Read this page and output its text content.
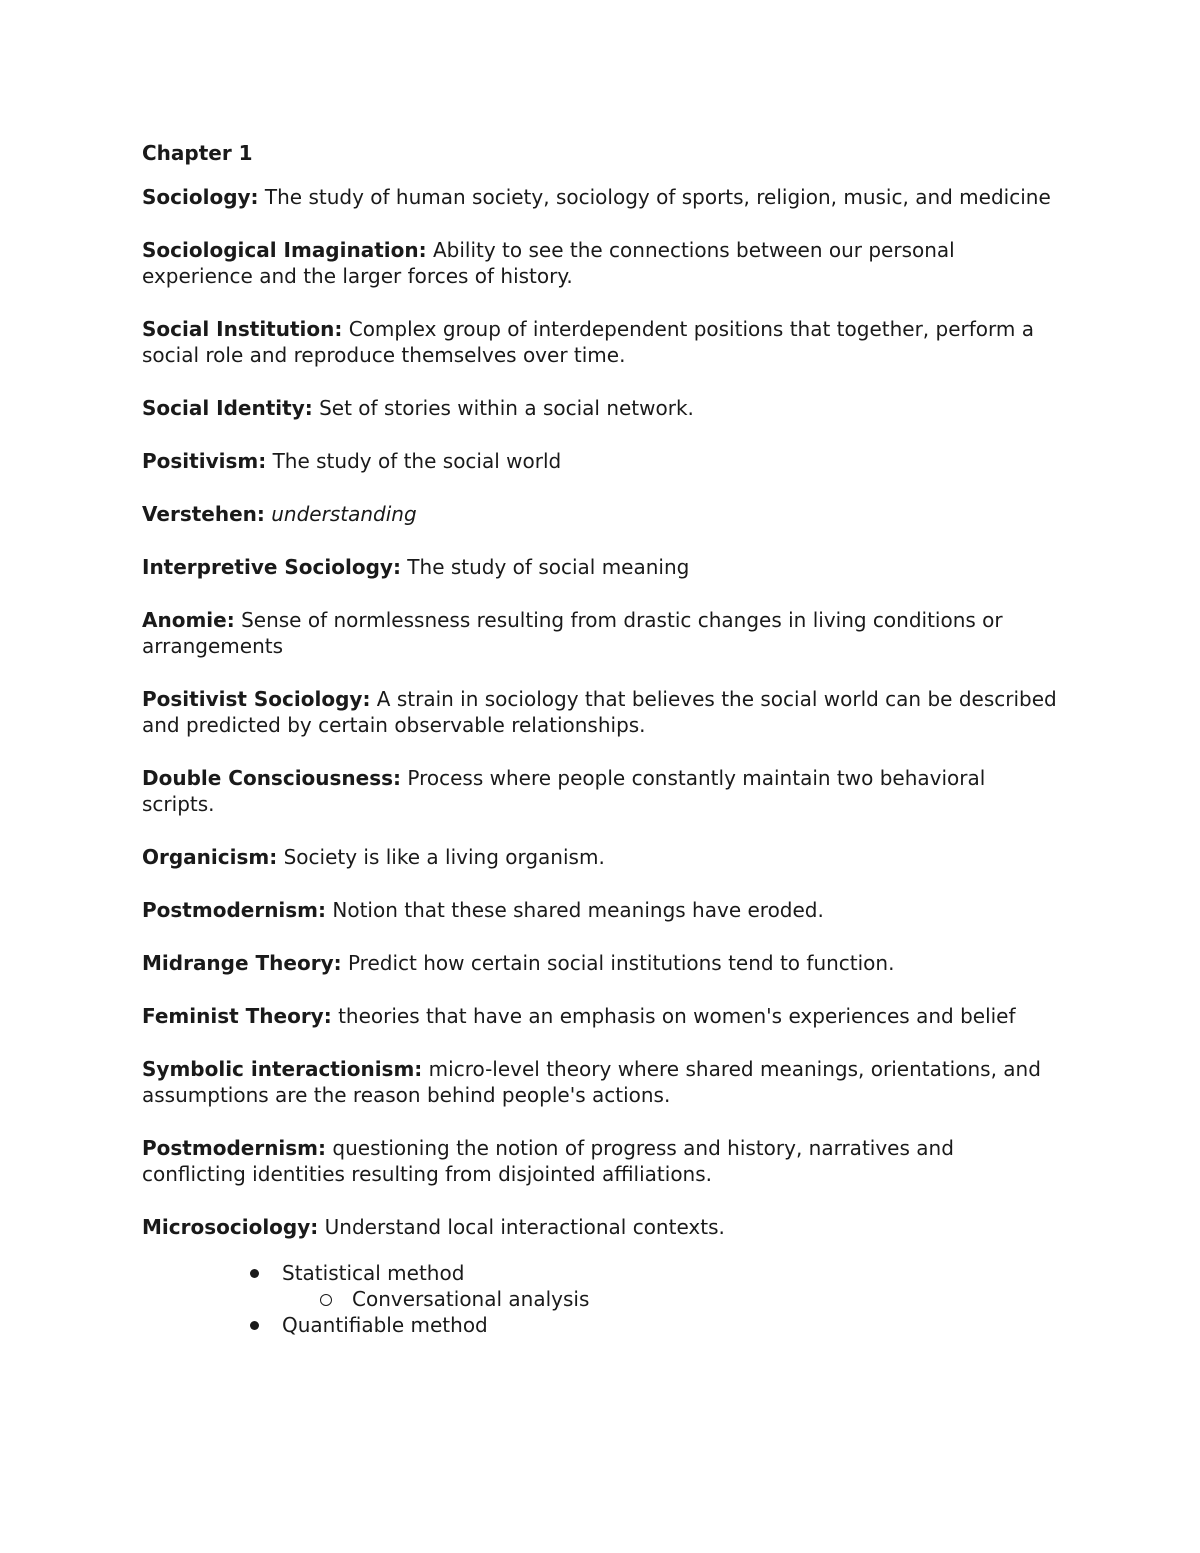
Chapter 1

Sociology: The study of human society, sociology of sports, religion, music, and medicine

Sociological Imagination: Ability to see the connections between our personal experience and the larger forces of history.

Social Institution: Complex group of interdependent positions that together, perform a social role and reproduce themselves over time.

Social Identity: Set of stories within a social network.

Positivism: The study of the social world

Verstehen: understanding

Interpretive Sociology: The study of social meaning

Anomie: Sense of normlessness resulting from drastic changes in living conditions or arrangements

Positivist Sociology: A strain in sociology that believes the social world can be described and predicted by certain observable relationships.

Double Consciousness: Process where people constantly maintain two behavioral scripts.

Organicism: Society is like a living organism.

Postmodernism: Notion that these shared meanings have eroded.

Midrange Theory: Predict how certain social institutions tend to function.

Feminist Theory: theories that have an emphasis on women's experiences and belief

Symbolic interactionism: micro-level theory where shared meanings, orientations, and assumptions are the reason behind people's actions.

Postmodernism: questioning the notion of progress and history, narratives and conflicting identities resulting from disjointed affiliations.

Microsociology: Understand local interactional contexts.

Statistical method
Conversational analysis
Quantifiable method
